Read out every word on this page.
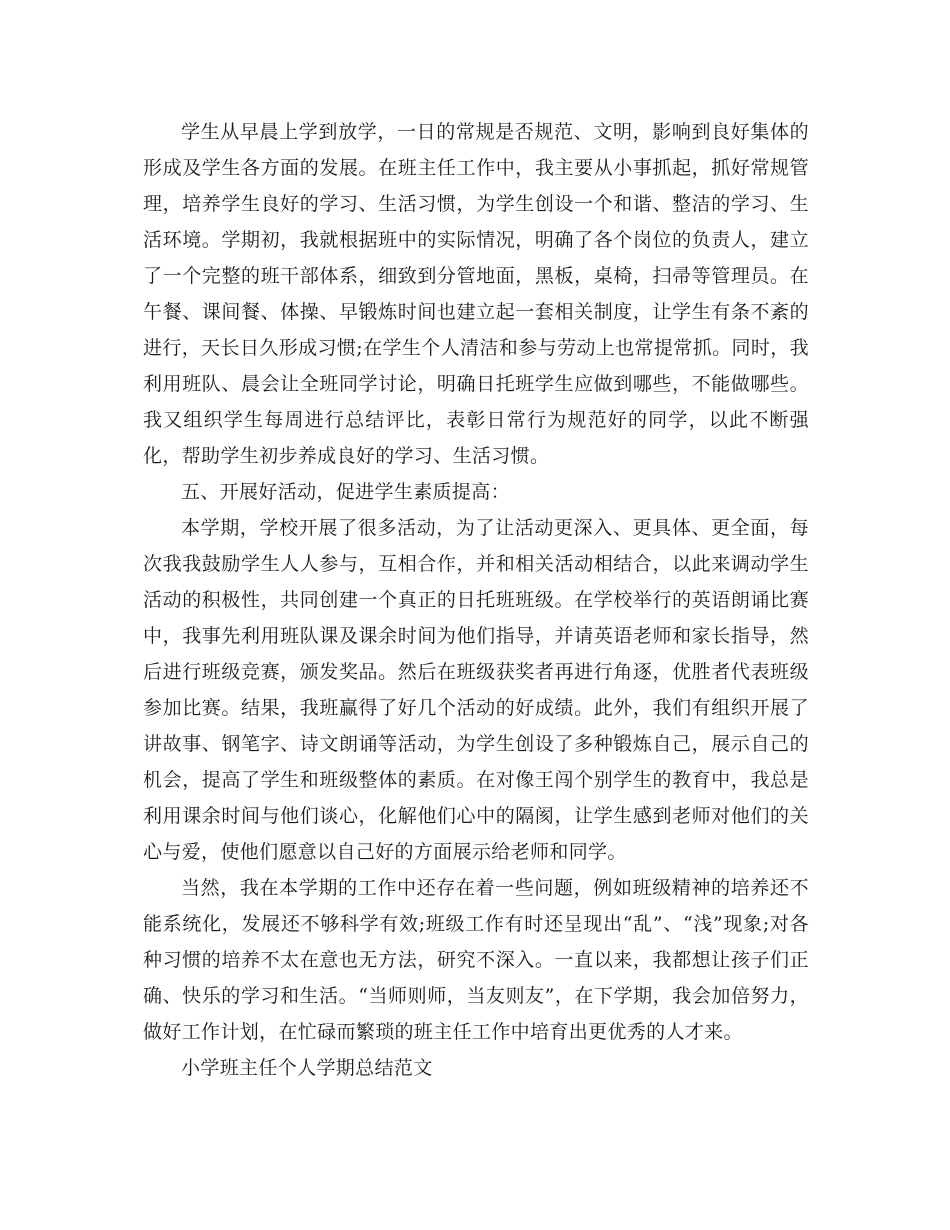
学生从早晨上学到放学，一日的常规是否规范、文明，影响到良好集体的形成及学生各方面的发展。在班主任工作中，我主要从小事抓起，抓好常规管理，培养学生良好的学习、生活习惯，为学生创设一个和谐、整洁的学习、生活环境。学期初，我就根据班中的实际情况，明确了各个岗位的负责人，建立了一个完整的班干部体系，细致到分管地面，黑板，桌椅，扫帚等管理员。在午餐、课间餐、体操、早锻炼时间也建立起一套相关制度，让学生有条不紊的进行，天长日久形成习惯;在学生个人清洁和参与劳动上也常提常抓。同时，我利用班队、晨会让全班同学讨论，明确日托班学生应做到哪些，不能做哪些。我又组织学生每周进行总结评比，表彰日常行为规范好的同学，以此不断强化，帮助学生初步养成良好的学习、生活习惯。

五、开展好活动，促进学生素质提高：

本学期，学校开展了很多活动，为了让活动更深入、更具体、更全面，每次我我鼓励学生人人参与，互相合作，并和相关活动相结合，以此来调动学生活动的积极性，共同创建一个真正的日托班班级。在学校举行的英语朗诵比赛中，我事先利用班队课及课余时间为他们指导，并请英语老师和家长指导，然后进行班级竞赛，颁发奖品。然后在班级获奖者再进行角逐，优胜者代表班级参加比赛。结果，我班赢得了好几个活动的好成绩。此外，我们有组织开展了讲故事、钢笔字、诗文朗诵等活动，为学生创设了多种锻炼自己，展示自己的机会，提高了学生和班级整体的素质。在对像王闯个别学生的教育中，我总是利用课余时间与他们谈心，化解他们心中的隔阂，让学生感到老师对他们的关心与爱，使他们愿意以自己好的方面展示给老师和同学。

当然，我在本学期的工作中还存在着一些问题，例如班级精神的培养还不能系统化，发展还不够科学有效;班级工作有时还呈现出“乱”、“浅”现象;对各种习惯的培养不太在意也无方法，研究不深入。一直以来，我都想让孩子们正确、快乐的学习和生活。“当师则师，当友则友”，在下学期，我会加倍努力，做好工作计划，在忙碌而繁琐的班主任工作中培育出更优秀的人才来。

小学班主任个人学期总结范文
